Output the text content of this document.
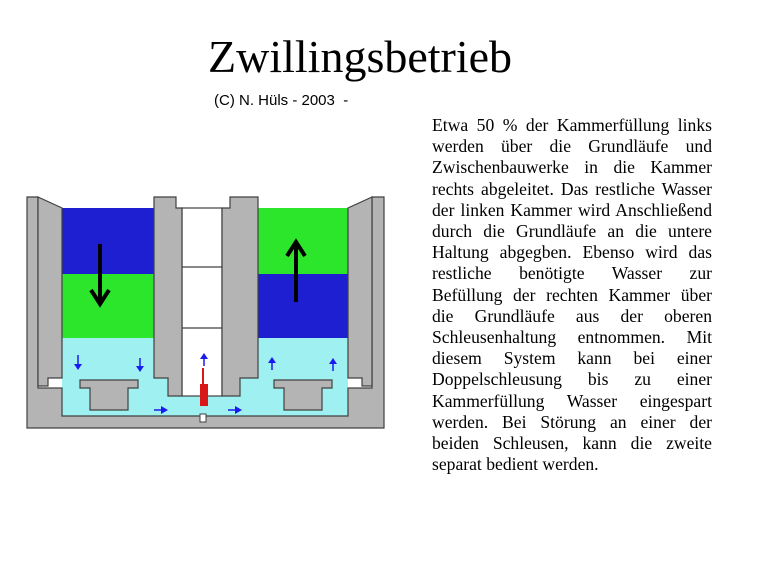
Zwillingsbetrieb
(C) N. Hüls - 2003  -
Etwa 50 % der Kammerfüllung links werden über die Grundläufe und Zwischenbauwerke in die Kammer rechts abgeleitet. Das restliche Wasser der linken Kammer wird Anschließend durch die Grundläufe an die untere Haltung abgegben. Ebenso wird das restliche benötigte Wasser zur Befüllung der rechten Kammer über die Grundläufe aus der oberen Schleusenhaltung entnommen. Mit diesem System kann bei einer Doppelschleusung bis zu einer Kammerfüllung Wasser eingespart werden. Bei Störung an einer der beiden Schleusen, kann die zweite separat bedient werden.
